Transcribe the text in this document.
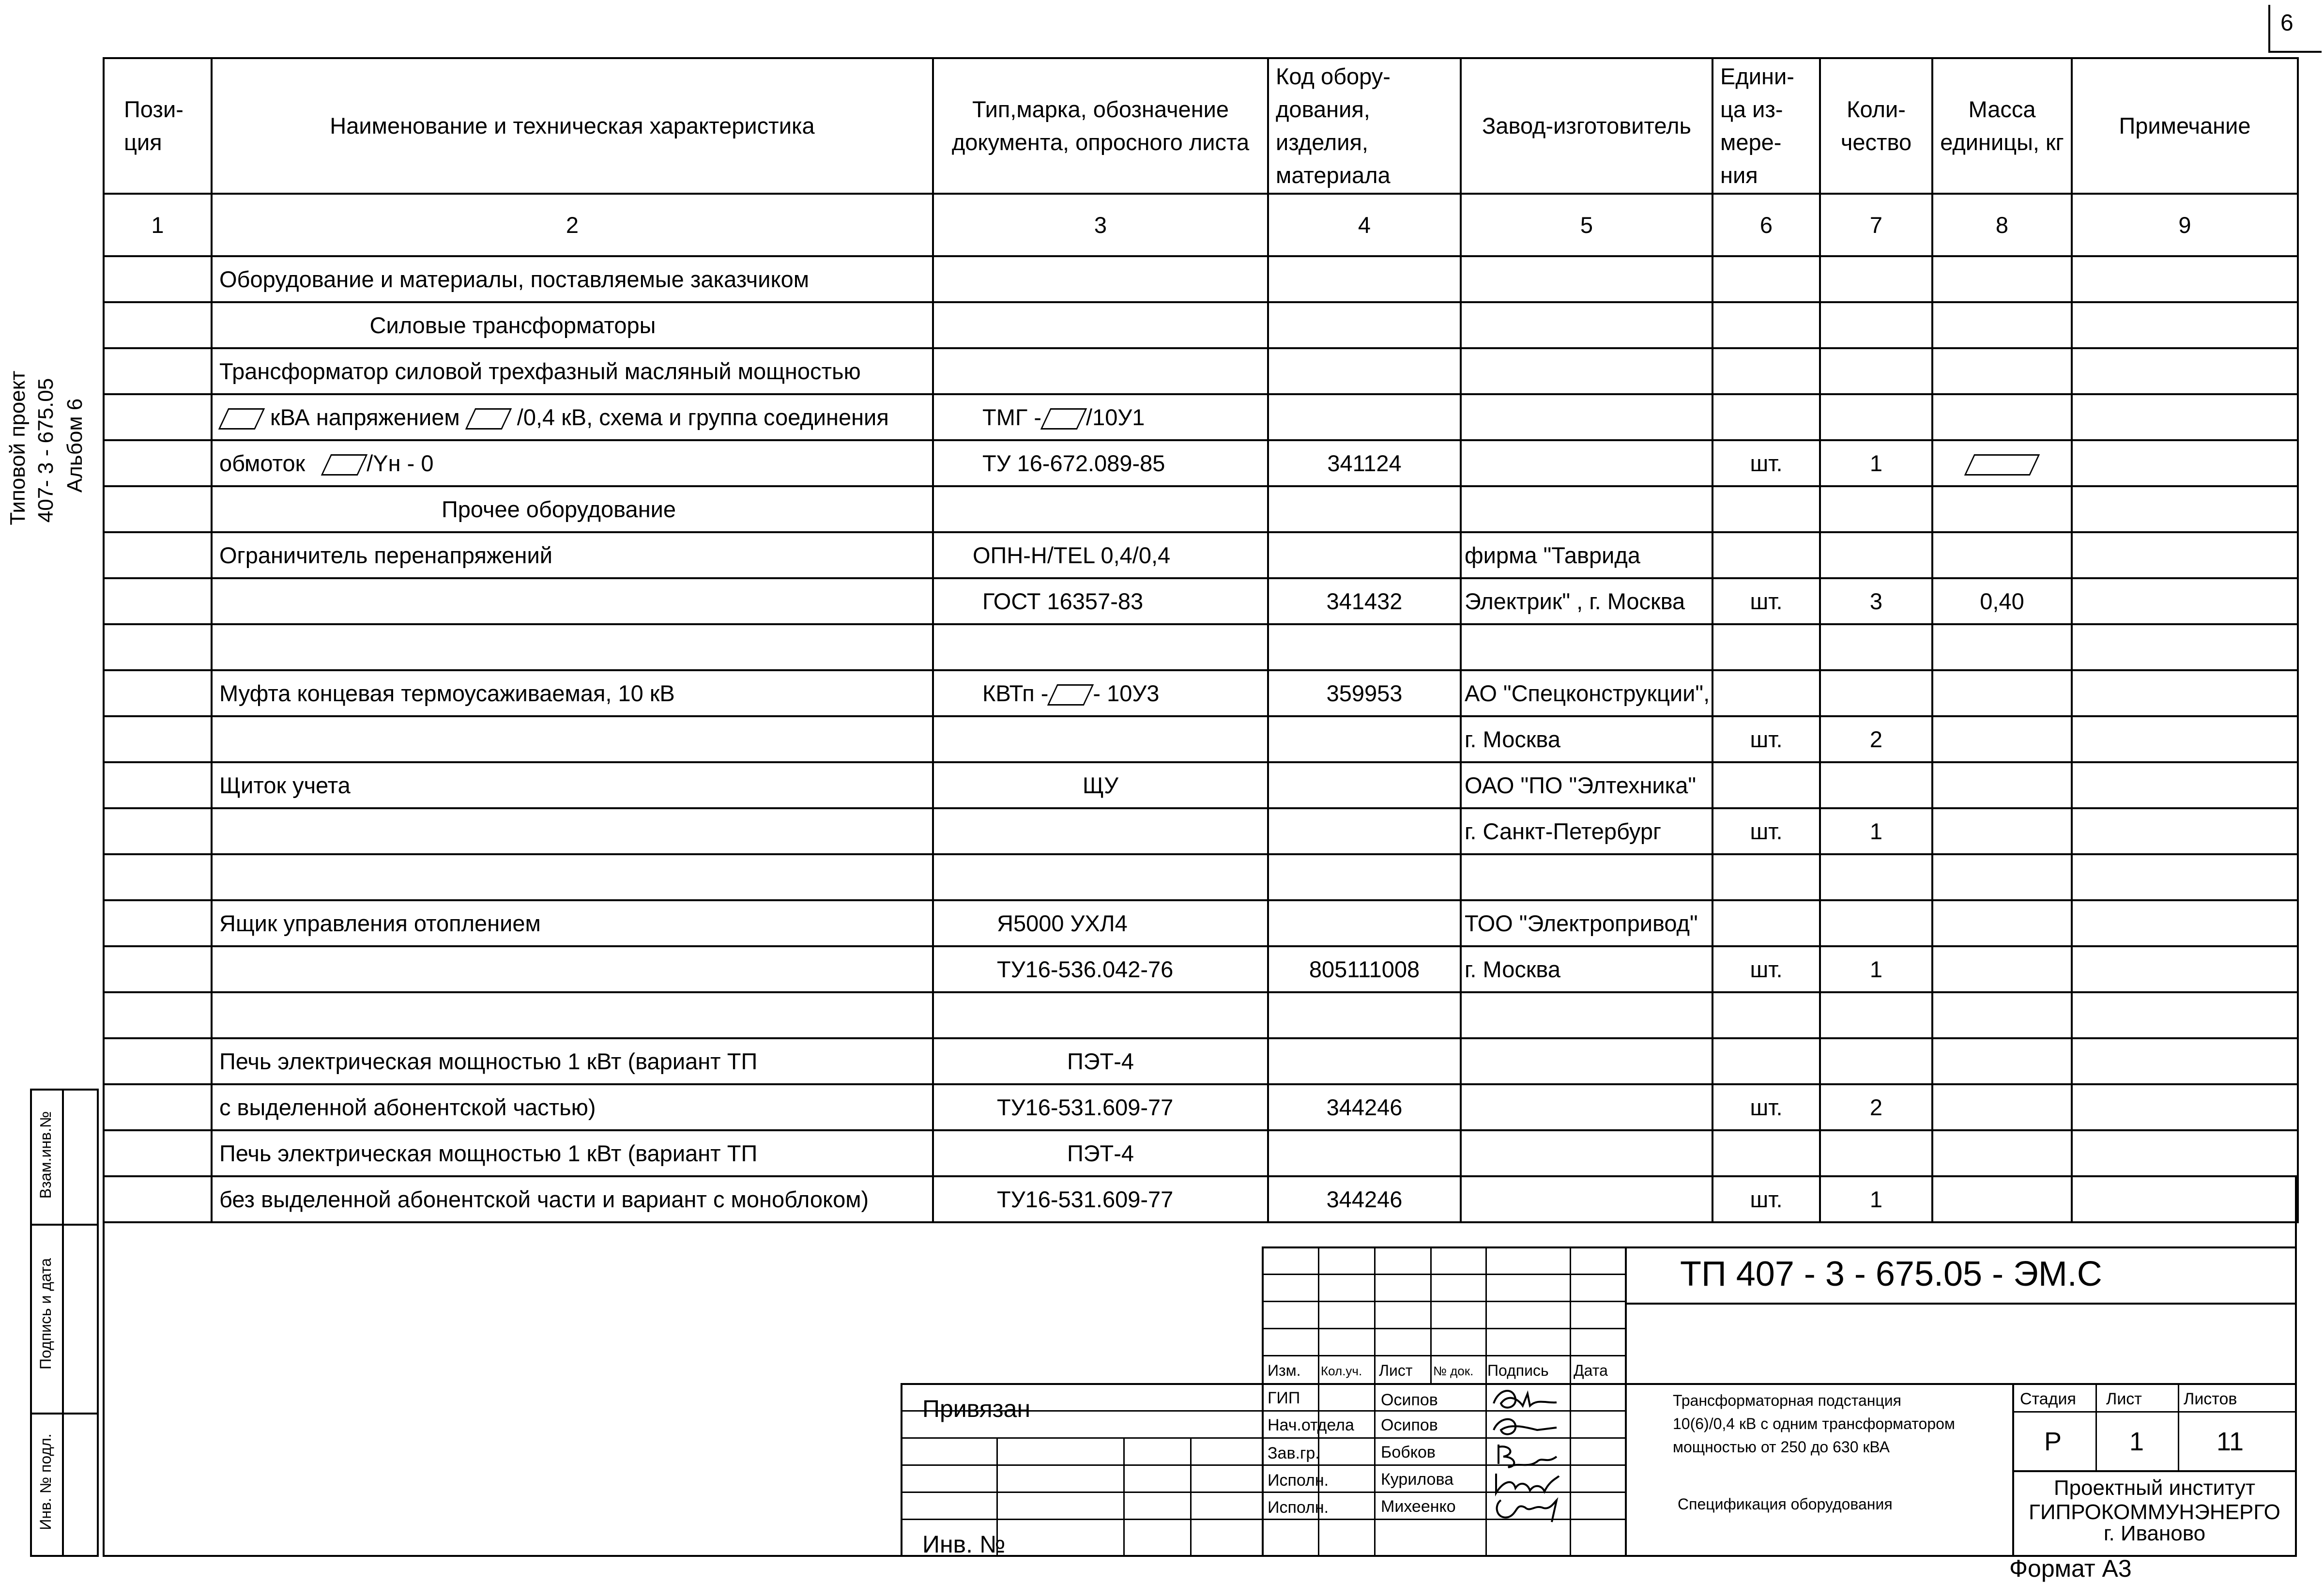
6
Типовой проект 407- 3 - 675.05 Альбом 6
Взам.инв.№
Подпись и дата
Инв. № подл.
Пози-ция	Наименование и техническая характеристика	Тип,марка, обозначение документа, опросного листа	Код обору-дования, изделия, материала	Завод-изготовитель	Едини-ца из-мере-ния	Коли-чество	Масса единицы, кг	Примечание
1	2	3	4	5	6	7	8	9
	Оборудование и материалы, поставляемые заказчиком							
	Силовые трансформаторы							
	Трансформатор силовой трехфазный масляный мощностью							
	кВА напряжением  /0,4 кВ, схема и группа соединения	ТМГ - /10У1						
	обмоток /Yн - 0	ТУ 16-672.089-85	341124		шт.	1		
	Прочее оборудование							
	Ограничитель перенапряжений	ОПН-Н/TEL 0,4/0,4		фирма "Таврида				
		ГОСТ 16357-83	341432	Электрик" , г. Москва	шт.	3	0,40	

	Муфта концевая термоусаживаемая, 10 кВ	КВТп - - 10У3	359953	АО "Спецконструкции",				
				г. Москва	шт.	2		
	Щиток учета	ЩУ		ОАО "ПО "Элтехника"				
				г. Санкт-Петербург	шт.	1		

	Ящик управления отоплением	Я5000 УХЛ4		ТОО "Электропривод"				
		ТУ16-536.042-76	805111008	г. Москва	шт.	1		

	Печь электрическая мощностью 1 кВт (вариант ТП	ПЭТ-4						
	с выделенной абонентской частью)	ТУ16-531.609-77	344246		шт.	2		
	Печь электрическая мощностью 1 кВт (вариант ТП	ПЭТ-4						
	без выделенной абонентской части и вариант с моноблоком)	ТУ16-531.609-77	344246		шт.	1		
ТП 407 - 3 - 675.05 - ЭМ.С
Изм. Кол.уч. Лист № док. Подпись Дата
ГИП	Осипов
Нач.отдела Осипов
Зав.гр.	Бобков
Исполн.	Курилова
Исполн.	Михеенко
Привязан
Инв. №
Трансформаторная подстанция
10(6)/0,4 кВ с одним трансформатором
мощностью от 250 до 630 кВА
Спецификация оборудования
Стадия Лист	Листов
Р	1	11
Проектный институт
ГИПРОКОММУНЭНЕРГО
г. Иваново
Формат А3
